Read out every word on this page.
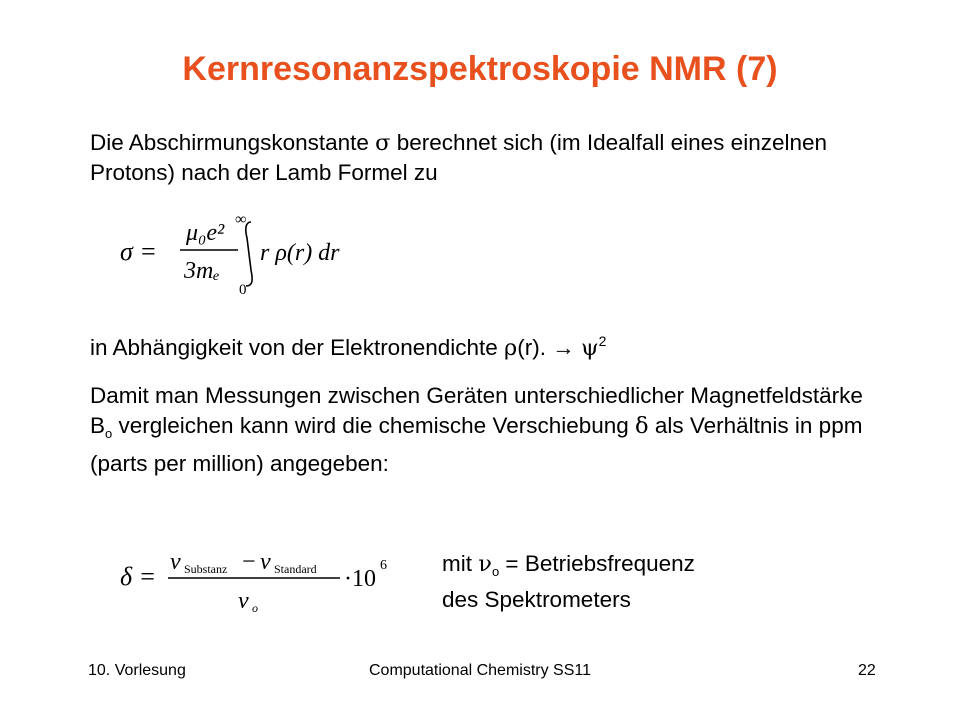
Kernresonanzspektroskopie NMR (7)
Die Abschirmungskonstante σ berechnet sich (im Idealfall eines einzelnen Protons) nach der Lamb Formel zu
σ =
μ₀e²
3mₑ
∞
0
r ρ(r) dr
in Abhängigkeit von der Elektronendichte ρ(r). → $\psi^2$
Damit man Messungen zwischen Geräten unterschiedlicher Magnetfeldstärke $B_o$ vergleichen kann wird die chemische Verschiebung δ als Verhältnis in ppm (parts per million) angegeben:
δ = ν Substanz − ν Standard
ν o
·10
6 mit $\nu_o$ = Betriebsfrequenz
des Spektrometers
10. Vorlesung	Computational Chemistry SS11	22
